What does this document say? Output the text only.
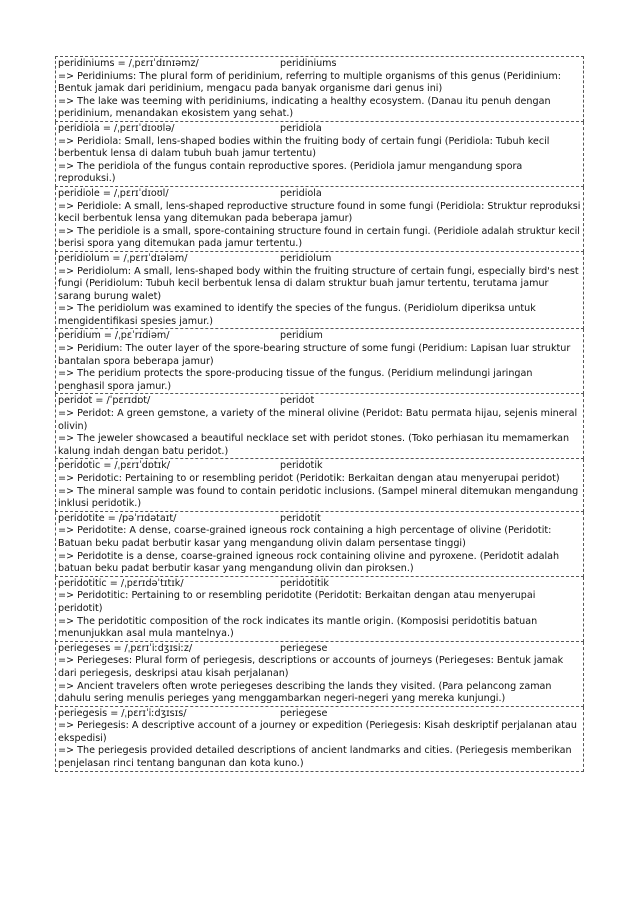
peridiniums = /ˌpɛrɪˈdɪnɪəmz/	peridiniums

=> Peridiniums: The plural form of peridinium, referring to multiple organisms of this genus (Peridinium: Bentuk jamak dari peridinium, mengacu pada banyak organisme dari genus ini)

=> The lake was teeming with peridiniums, indicating a healthy ecosystem. (Danau itu penuh dengan peridinium, menandakan ekosistem yang sehat.)

peridiola = /ˌpɛrɪˈdɪoʊlə/	peridiola

=> Peridiola: Small, lens-shaped bodies within the fruiting body of certain fungi (Peridiola: Tubuh kecil berbentuk lensa di dalam tubuh buah jamur tertentu)

=> The peridiola of the fungus contain reproductive spores. (Peridiola jamur mengandung spora reproduksi.)

peridiole = /ˌpɛrɪˈdɪoʊl/	peridiola

=> Peridiole: A small, lens-shaped reproductive structure found in some fungi (Peridiola: Struktur reproduksi kecil berbentuk lensa yang ditemukan pada beberapa jamur)

=> The peridiole is a small, spore-containing structure found in certain fungi. (Peridiole adalah struktur kecil berisi spora yang ditemukan pada jamur tertentu.)

peridiolum = /ˌpɛrɪˈdɪələm/	peridiolum

=> Peridiolum: A small, lens-shaped body within the fruiting structure of certain fungi, especially bird's nest fungi (Peridiolum: Tubuh kecil berbentuk lensa di dalam struktur buah jamur tertentu, terutama jamur sarang burung walet)

=> The peridiolum was examined to identify the species of the fungus. (Peridiolum diperiksa untuk mengidentifikasi spesies jamur.)

peridium = /ˌpɛˈrɪdiəm/	peridium

=> Peridium: The outer layer of the spore-bearing structure of some fungi (Peridium: Lapisan luar struktur bantalan spora beberapa jamur)

=> The peridium protects the spore-producing tissue of the fungus. (Peridium melindungi jaringan penghasil spora jamur.)

peridot = /ˈpɛrɪdɒt/	peridot

=> Peridot: A green gemstone, a variety of the mineral olivine (Peridot: Batu permata hijau, sejenis mineral olivin)

=> The jeweler showcased a beautiful necklace set with peridot stones. (Toko perhiasan itu memamerkan kalung indah dengan batu peridot.)

peridotic = /ˌpɛrɪˈdɒtɪk/	peridotik

=> Peridotic: Pertaining to or resembling peridot (Peridotik: Berkaitan dengan atau menyerupai peridot)

=> The mineral sample was found to contain peridotic inclusions. (Sampel mineral ditemukan mengandung inklusi peridotik.)

peridotite = /pəˈrɪdətaɪt/	peridotit

=> Peridotite: A dense, coarse-grained igneous rock containing a high percentage of olivine (Peridotit: Batuan beku padat berbutir kasar yang mengandung olivin dalam persentase tinggi)

=> Peridotite is a dense, coarse-grained igneous rock containing olivine and pyroxene. (Peridotit adalah batuan beku padat berbutir kasar yang mengandung olivin dan piroksen.)

peridotitic = /ˌpɛrɪdəˈtɪtɪk/	peridotitik

=> Peridotitic: Pertaining to or resembling peridotite (Peridotit: Berkaitan dengan atau menyerupai peridotit)

=> The peridotitic composition of the rock indicates its mantle origin. (Komposisi peridotitis batuan menunjukkan asal mula mantelnya.)

periegeses = /ˌpɛrɪˈiːdʒɪsiːz/	periegese

=> Periegeses: Plural form of periegesis, descriptions or accounts of journeys (Periegeses: Bentuk jamak dari periegesis, deskripsi atau kisah perjalanan)

=> Ancient travelers often wrote periegeses describing the lands they visited. (Para pelancong zaman dahulu sering menulis perieges yang menggambarkan negeri-negeri yang mereka kunjungi.)

periegesis = /ˌpɛrɪˈiːdʒɪsɪs/	periegese

=> Periegesis: A descriptive account of a journey or expedition (Periegesis: Kisah deskriptif perjalanan atau ekspedisi)

=> The periegesis provided detailed descriptions of ancient landmarks and cities. (Periegesis memberikan penjelasan rinci tentang bangunan dan kota kuno.)
